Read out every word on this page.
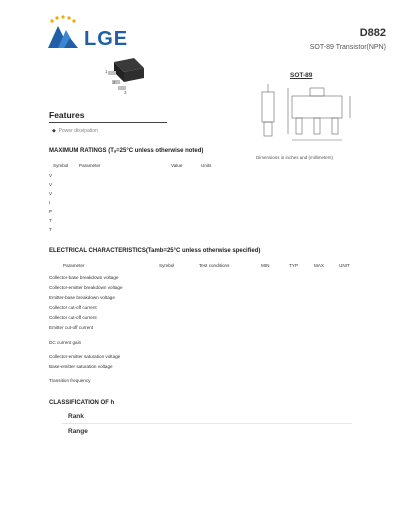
LGE	D882
SOT-89 Transistor(NPN)
1
2
3
SOT-89
Dimensions in inches and (millimeters)
Features
◆ Power dissipation
MAXIMUM RATINGS (Tₐ=25°C unless otherwise noted)
Symbol Parameter	Value	Units
V
V
V
I
P
T
T
ELECTRICAL CHARACTERISTICS(Tamb=25°C unless otherwise specified)
Parameter	Symbol	Test conditions	MIN	TYP	MAX	UNIT
Collector-base breakdown voltage
Collector-emitter breakdown voltage
Emitter-base breakdown voltage
Collector cut-off current
Collector cut-off current
Emitter cut-off current
DC current gain
Collector-emitter saturation voltage
Base-emitter saturation voltage
Transition frequency
CLASSIFICATION OF h
Rank
Range
